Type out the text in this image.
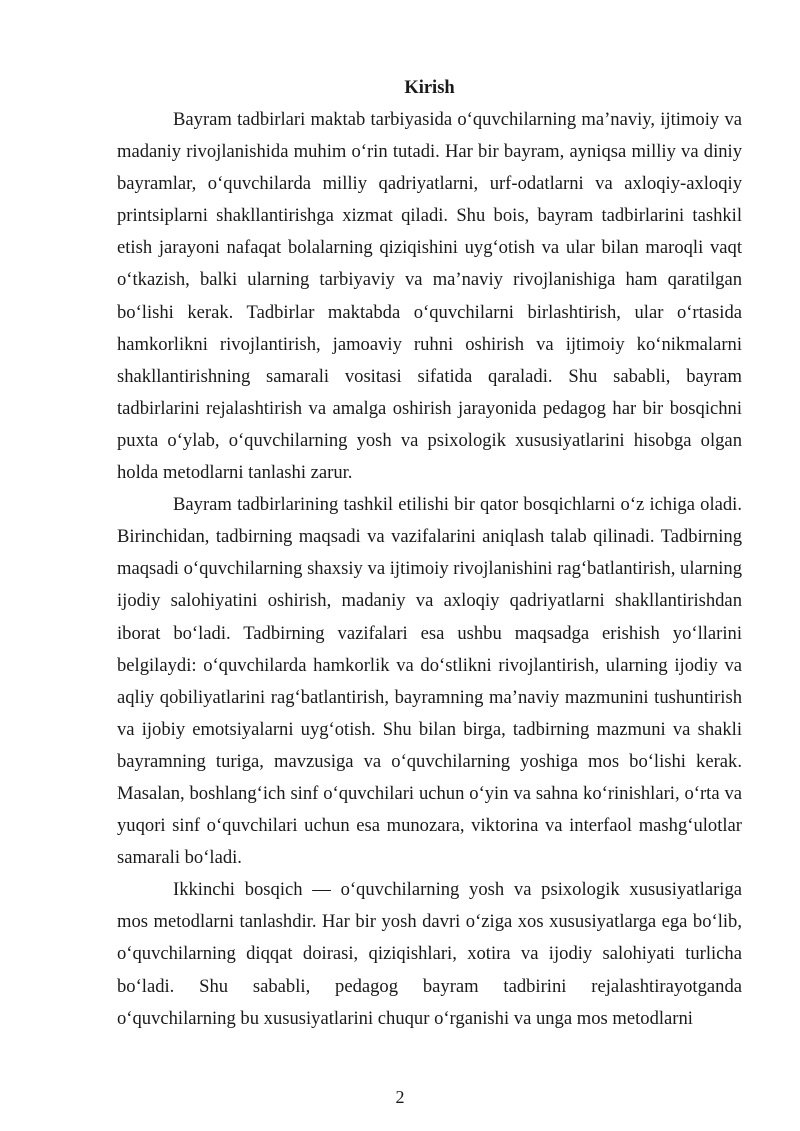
Kirish

Bayram tadbirlari maktab tarbiyasida o‘quvchilarning ma’naviy, ijtimoiy va madaniy rivojlanishida muhim o‘rin tutadi. Har bir bayram, ayniqsa milliy va diniy bayramlar, o‘quvchilarda milliy qadriyatlarni, urf-odatlarni va axloqiy-axloqiy printsiplarni shakllantirishga xizmat qiladi. Shu bois, bayram tadbirlarini tashkil etish jarayoni nafaqat bolalarning qiziqishini uyg‘otish va ular bilan maroqli vaqt o‘tkazish, balki ularning tarbiyaviy va ma’naviy rivojlanishiga ham qaratilgan bo‘lishi kerak. Tadbirlar maktabda o‘quvchilarni birlashtirish, ular o‘rtasida hamkorlikni rivojlantirish, jamoaviy ruhni oshirish va ijtimoiy ko‘nikmalarni shakllantirishning samarali vositasi sifatida qaraladi. Shu sababli, bayram tadbirlarini rejalashtirish va amalga oshirish jarayonida pedagog har bir bosqichni puxta o‘ylab, o‘quvchilarning yosh va psixologik xususiyatlarini hisobga olgan holda metodlarni tanlashi zarur.

Bayram tadbirlarining tashkil etilishi bir qator bosqichlarni o‘z ichiga oladi. Birinchidan, tadbirning maqsadi va vazifalarini aniqlash talab qilinadi. Tadbirning maqsadi o‘quvchilarning shaxsiy va ijtimoiy rivojlanishini rag‘batlantirish, ularning ijodiy salohiyatini oshirish, madaniy va axloqiy qadriyatlarni shakllantirishdan iborat bo‘ladi. Tadbirning vazifalari esa ushbu maqsadga erishish yo‘llarini belgilaydi: o‘quvchilarda hamkorlik va do‘stlikni rivojlantirish, ularning ijodiy va aqliy qobiliyatlarini rag‘batlantirish, bayramning ma’naviy mazmunini tushuntirish va ijobiy emotsiyalarni uyg‘otish. Shu bilan birga, tadbirning mazmuni va shakli bayramning turiga, mavzusiga va o‘quvchilarning yoshiga mos bo‘lishi kerak. Masalan, boshlang‘ich sinf o‘quvchilari uchun o‘yin va sahna ko‘rinishlari, o‘rta va yuqori sinf o‘quvchilari uchun esa munozara, viktorina va interfaol mashg‘ulotlar samarali bo‘ladi.

Ikkinchi bosqich — o‘quvchilarning yosh va psixologik xususiyatlariga mos metodlarni tanlashdir. Har bir yosh davri o‘ziga xos xususiyatlarga ega bo‘lib, o‘quvchilarning diqqat doirasi, qiziqishlari, xotira va ijodiy salohiyati turlicha bo‘ladi. Shu sababli, pedagog bayram tadbirini rejalashtirayotganda o‘quvchilarning bu xususiyatlarini chuqur o‘rganishi va unga mos metodlarni

2
